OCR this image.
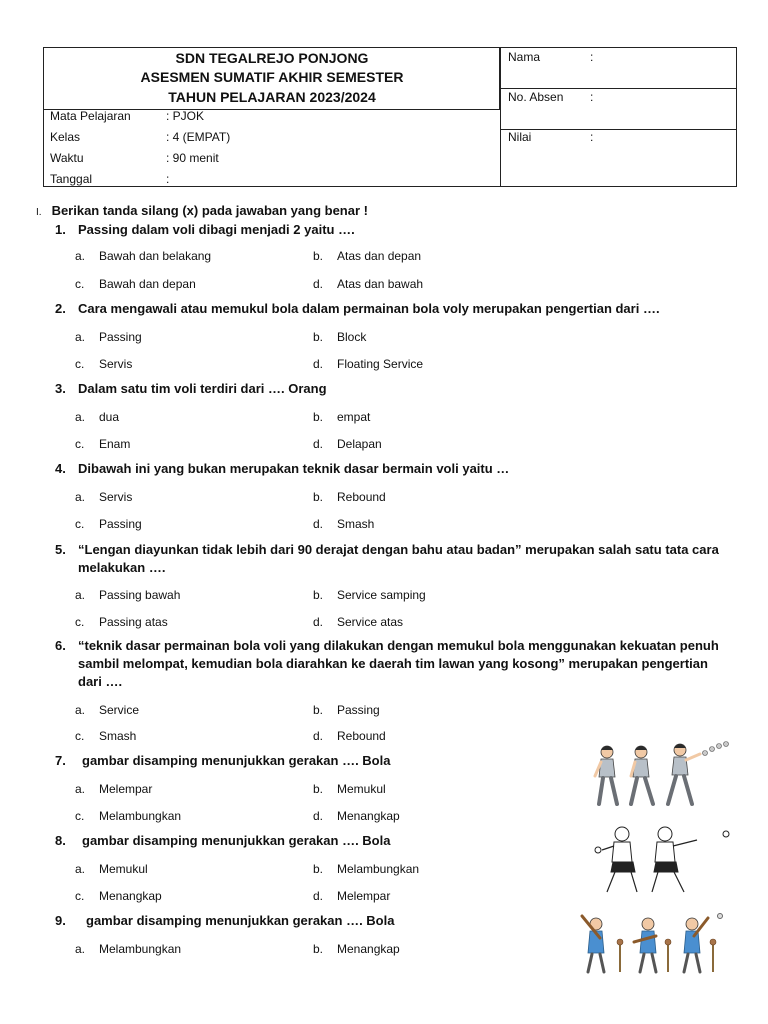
SDN TEGALREJO PONJONG
ASESMEN SUMATIF AKHIR SEMESTER
TAHUN PELAJARAN 2023/2024
Nama	:
No. Absen :
Nilai	:
Mata Pelajaran	: PJOK
Kelas	: 4 (EMPAT)
Waktu	: 90 menit
Tanggal	:
I. Berikan tanda silang (x) pada jawaban yang benar !
1. Passing dalam voli dibagi menjadi 2 yaitu ….
a. Bawah dan belakang	b. Atas dan depan
c. Bawah dan depan	d. Atas dan bawah
2. Cara mengawali atau memukul bola dalam permainan bola voly merupakan pengertian dari ….
a. Passing	b. Block
c. Servis	d. Floating Service
3. Dalam satu tim voli terdiri dari …. Orang
a. dua	b. empat
c. Enam	d. Delapan
4. Dibawah ini yang bukan merupakan teknik dasar bermain voli yaitu …
a. Servis	b. Rebound
c. Passing	d. Smash
5. “Lengan diayunkan tidak lebih dari 90 derajat dengan bahu atau badan” merupakan salah satu tata cara melakukan ….
a. Passing bawah	b. Service samping
c. Passing atas	d. Service atas
6. “teknik dasar permainan bola voli yang dilakukan dengan memukul bola menggunakan kekuatan penuh sambil melompat, kemudian bola diarahkan ke daerah tim lawan yang kosong” merupakan pengertian dari ….
a. Service	b. Passing
c. Smash	d. Rebound
7.	gambar disamping menunjukkan gerakan …. Bola
a. Melempar	b. Memukul
c. Melambungkan	d. Menangkap
8.	gambar disamping menunjukkan gerakan …. Bola
a. Memukul	b. Melambungkan
c. Menangkap	d. Melempar
9.	gambar disamping menunjukkan gerakan …. Bola
a. Melambungkan	b. Menangkap
